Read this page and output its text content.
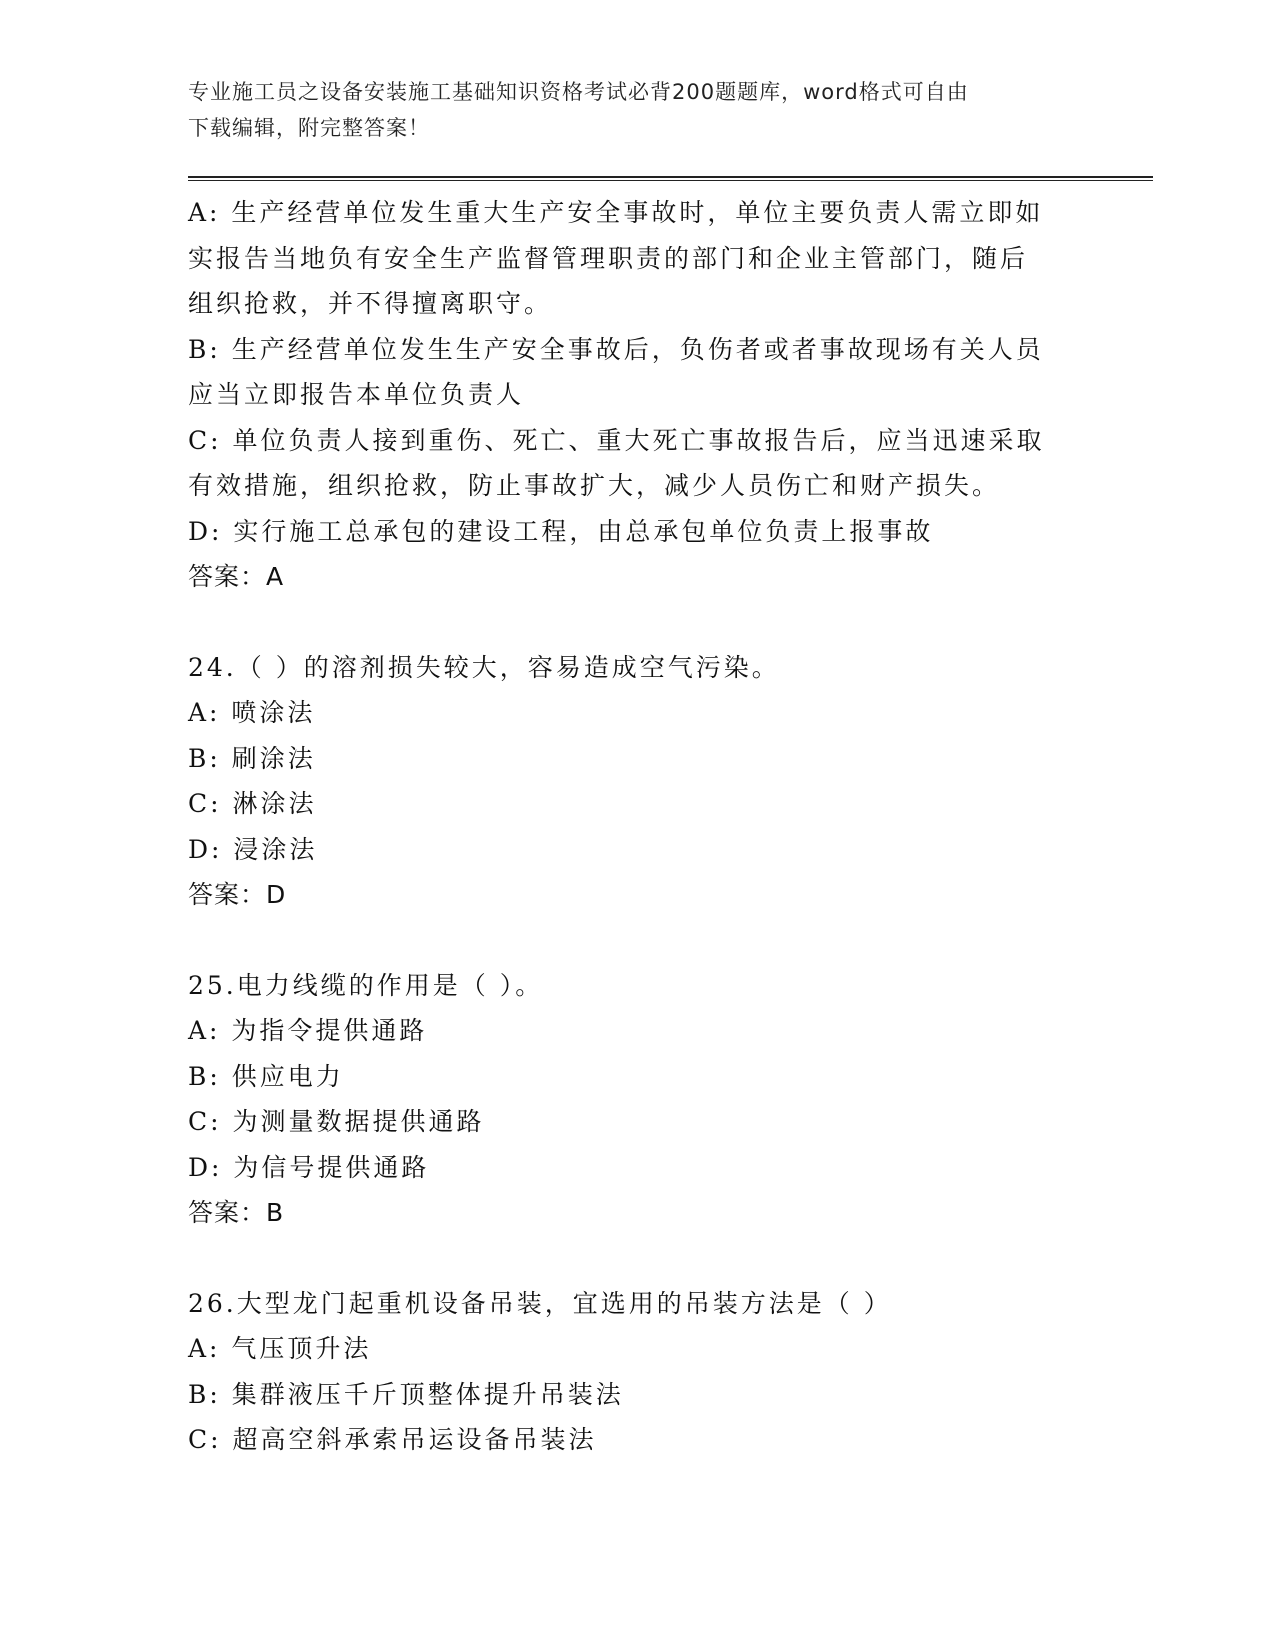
专业施工员之设备安装施工基础知识资格考试必背200题题库，word格式可自由
下载编辑，附完整答案！
A: 生产经营单位发生重大生产安全事故时，单位主要负责人需立即如
实报告当地负有安全生产监督管理职责的部门和企业主管部门，随后
组织抢救，并不得擅离职守。
B: 生产经营单位发生生产安全事故后，负伤者或者事故现场有关人员
应当立即报告本单位负责人
C: 单位负责人接到重伤、死亡、重大死亡事故报告后，应当迅速采取
有效措施，组织抢救，防止事故扩大，减少人员伤亡和财产损失。
D: 实行施工总承包的建设工程，由总承包单位负责上报事故
答案：A
24.（ ）的溶剂损失较大，容易造成空气污染。
A: 喷涂法
B: 刷涂法
C: 淋涂法
D: 浸涂法
答案：D
25.电力线缆的作用是（ ）。
A: 为指令提供通路
B: 供应电力
C: 为测量数据提供通路
D: 为信号提供通路
答案：B
26.大型龙门起重机设备吊装，宜选用的吊装方法是（ ）
A: 气压顶升法
B: 集群液压千斤顶整体提升吊装法
C: 超高空斜承索吊运设备吊装法
